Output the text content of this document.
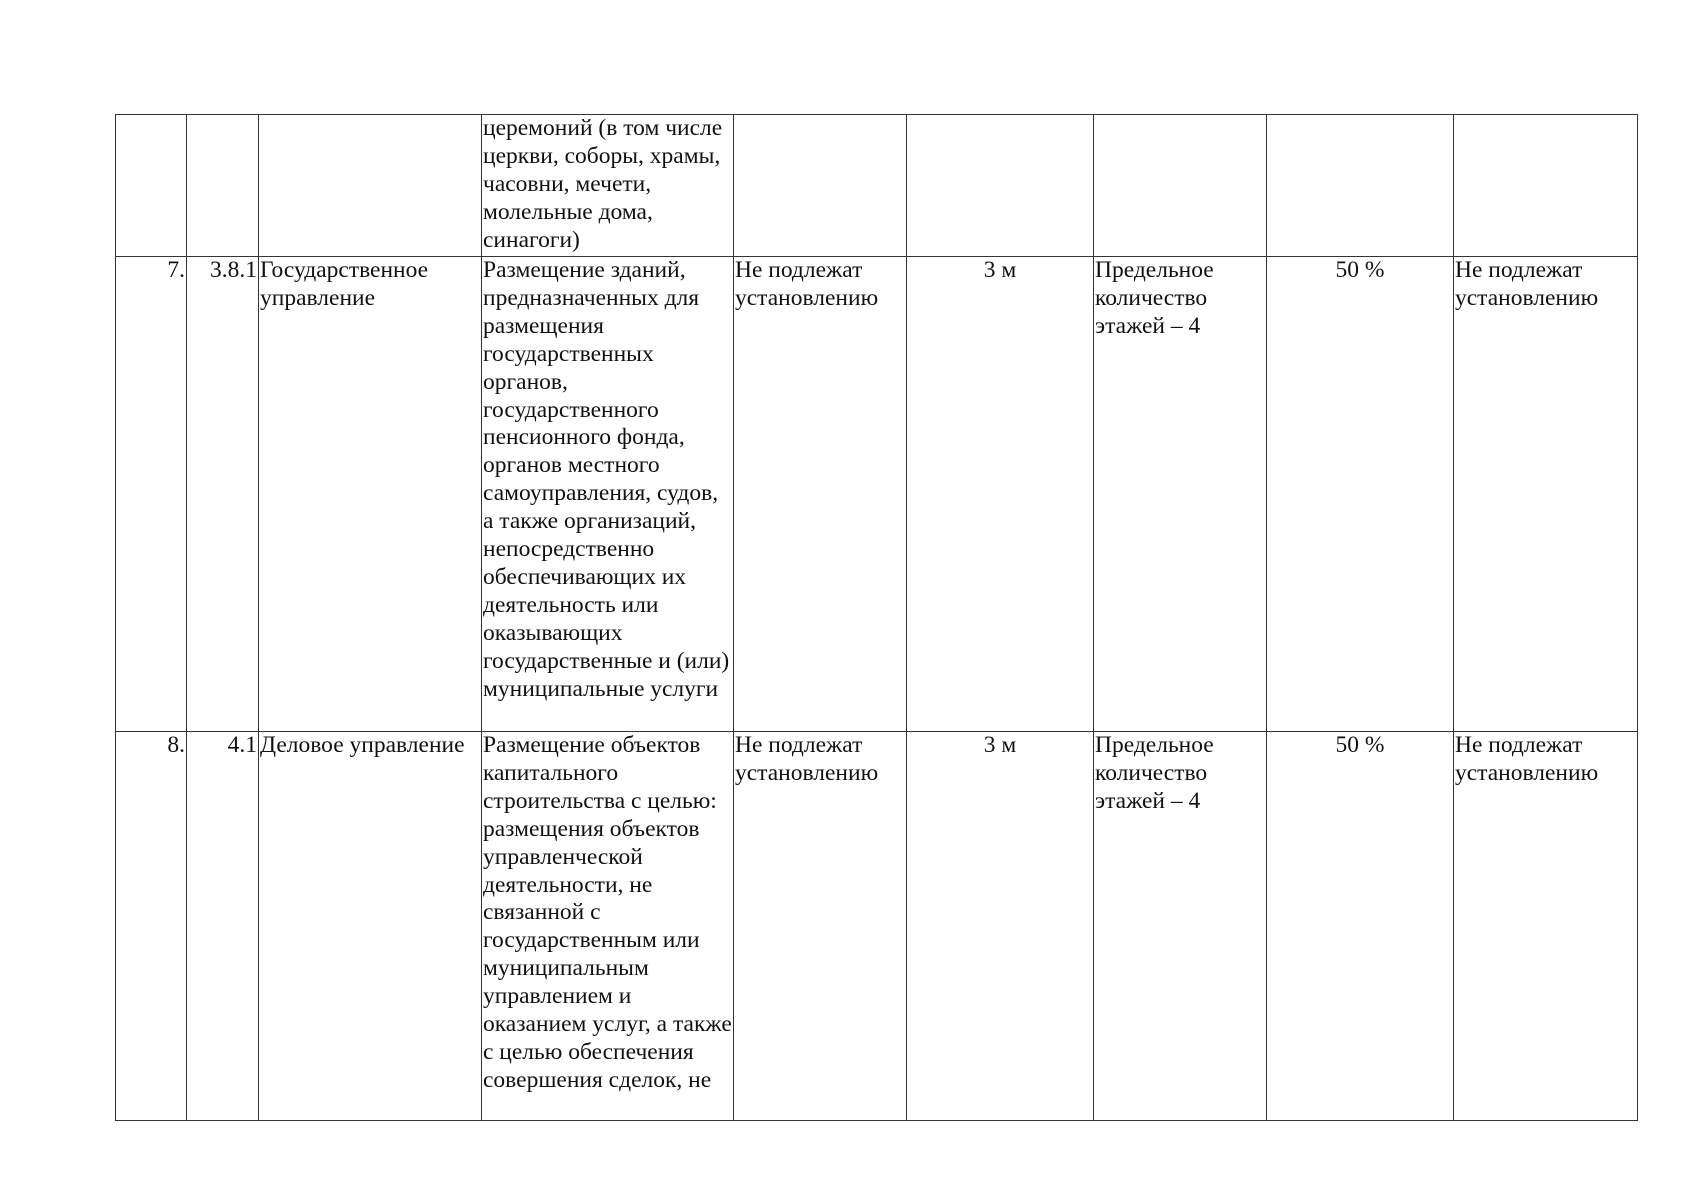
			церемоний (в том числе церкви, соборы, храмы, часовни, мечети, молельные дома, синагоги)					
7.	3.8.1	Государственное управление	Размещение зданий, предназначенных для размещения государственных органов, государственного пенсионного фонда, органов местного самоуправления, судов, а также организаций, непосредственно обеспечивающих их деятельность или оказывающих государственные и (или) муниципальные услуги	Не подлежат установлению	3 м	Предельное количество этажей – 4	50 %	Не подлежат установлению
8.	4.1	Деловое управление	Размещение объектов капитального строительства с целью: размещения объектов управленческой деятельности, не связанной с государственным или муниципальным управлением и оказанием услуг, а также с целью обеспечения совершения сделок, не	Не подлежат установлению	3 м	Предельное количество этажей – 4	50 %	Не подлежат установлению
